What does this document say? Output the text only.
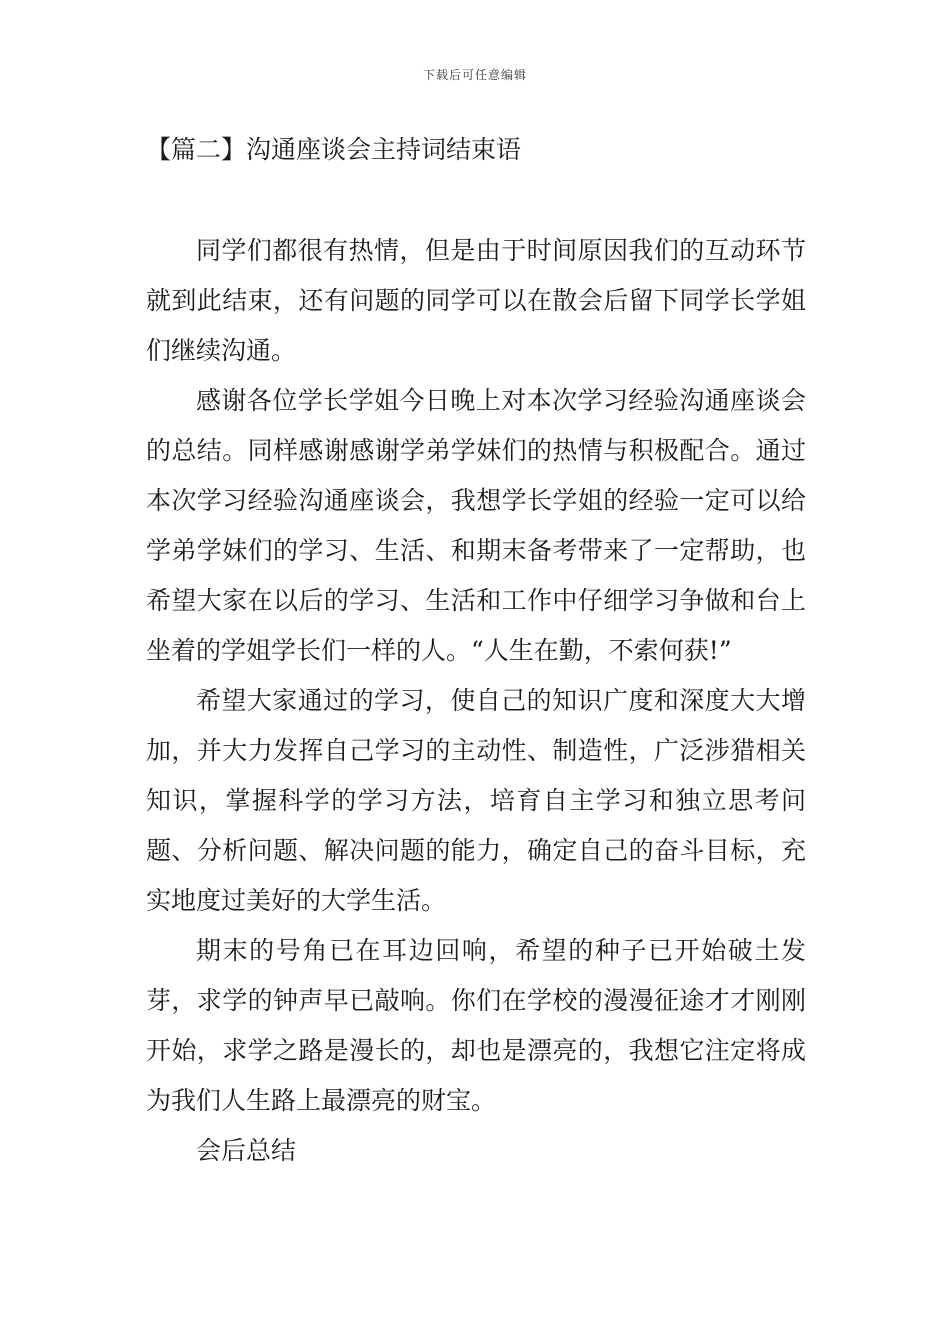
下载后可任意编辑
【篇二】沟通座谈会主持词结束语

同学们都很有热情，但是由于时间原因我们的互动环节就到此结束，还有问题的同学可以在散会后留下同学长学姐们继续沟通。

感谢各位学长学姐今日晚上对本次学习经验沟通座谈会的总结。同样感谢感谢学弟学妹们的热情与积极配合。通过本次学习经验沟通座谈会，我想学长学姐的经验一定可以给学弟学妹们的学习、生活、和期末备考带来了一定帮助，也希望大家在以后的学习、生活和工作中仔细学习争做和台上坐着的学姐学长们一样的人。“人生在勤，不索何获!”

希望大家通过的学习，使自己的知识广度和深度大大增加，并大力发挥自己学习的主动性、制造性，广泛涉猎相关知识，掌握科学的学习方法，培育自主学习和独立思考问题、分析问题、解决问题的能力，确定自己的奋斗目标，充实地度过美好的大学生活。

期末的号角已在耳边回响，希望的种子已开始破土发芽，求学的钟声早已敲响。你们在学校的漫漫征途才才刚刚开始，求学之路是漫长的，却也是漂亮的，我想它注定将成为我们人生路上最漂亮的财宝。

会后总结
